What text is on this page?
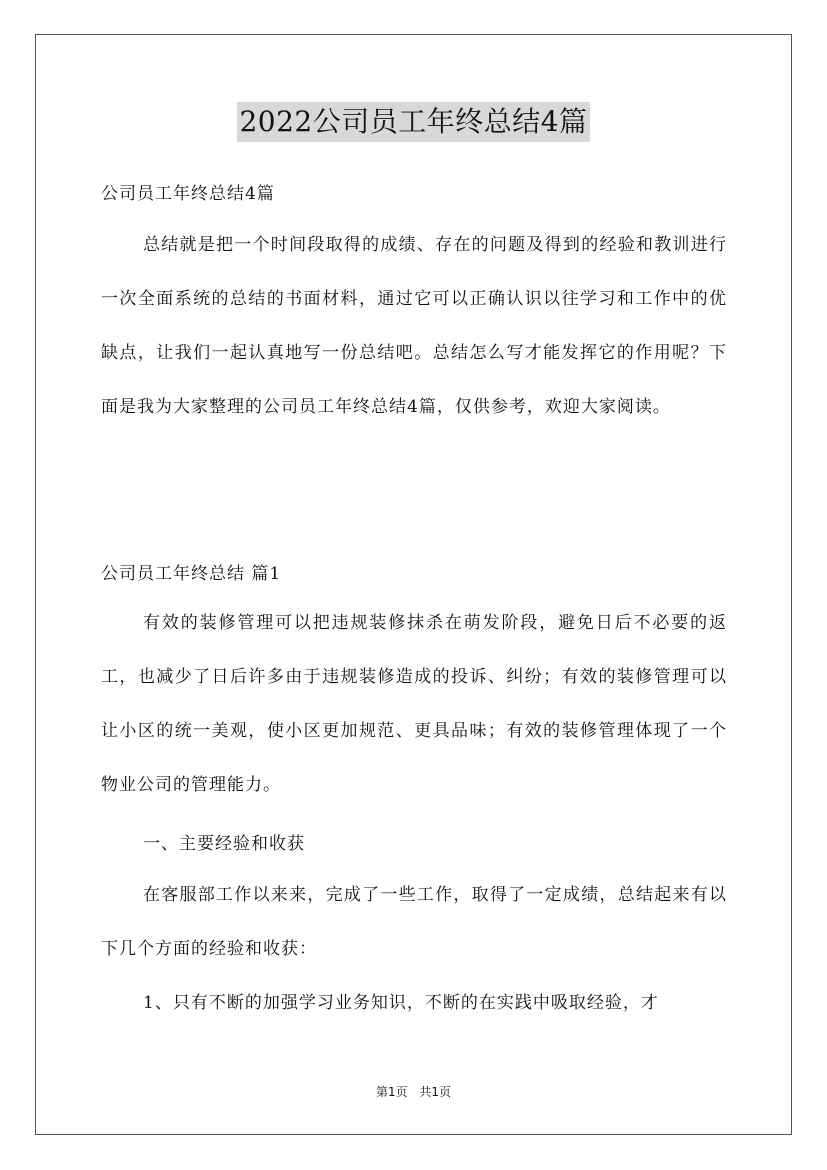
2022公司员工年终总结4篇
公司员工年终总结4篇
总结就是把一个时间段取得的成绩、存在的问题及得到的经验和教训进行一次全面系统的总结的书面材料，通过它可以正确认识以往学习和工作中的优缺点，让我们一起认真地写一份总结吧。总结怎么写才能发挥它的作用呢？下面是我为大家整理的公司员工年终总结4篇，仅供参考，欢迎大家阅读。
公司员工年终总结 篇1
有效的装修管理可以把违规装修抹杀在萌发阶段，避免日后不必要的返工，也减少了日后许多由于违规装修造成的投诉、纠纷；有效的装修管理可以让小区的统一美观，使小区更加规范、更具品味；有效的装修管理体现了一个物业公司的管理能力。
一、主要经验和收获
在客服部工作以来来，完成了一些工作，取得了一定成绩，总结起来有以下几个方面的经验和收获：
1、只有不断的加强学习业务知识，不断的在实践中吸取经验，才
第1页 共1页
